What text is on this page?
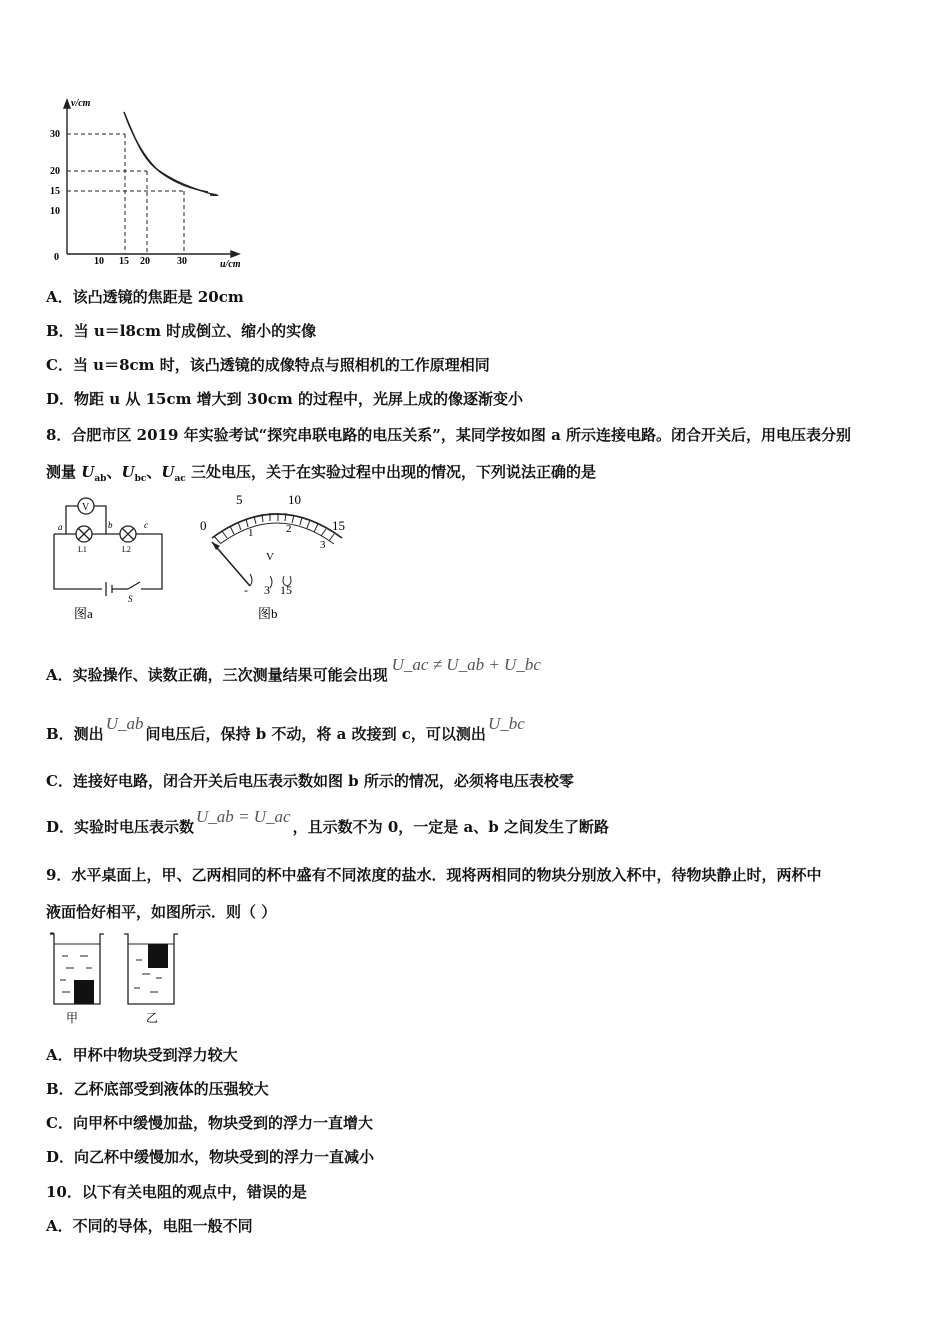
v/cm
u/cm
0
30
20
15
10
10 15 20	30
A．该凸透镜的焦距是 20cm
B．当 u＝l8cm 时成倒立、缩小的实像
C．当 u＝8cm 时，该凸透镜的成像特点与照相机的工作原理相同
D．物距 u 从 15cm 增大到 30cm 的过程中，光屏上成的像逐渐变小
8．合肥市区 2019 年实验考试“探究串联电路的电压关系”，某同学按如图 a 所示连接电路。闭合开关后，用电压表分别
测量 $U_{ab}$、$U_{bc}$、$U_{ac}$ 三处电压，关于在实验过程中出现的情况，下列说法正确的是
V
a	b	c
L1	L2
S
图a
0
5	10
15
1	2
3
V
- 3 15
图b
A．实验操作、读数正确，三次测量结果可能会出现U_ac ≠ U_ab + U_bc
B．测出U_ab间电压后，保持 b 不动，将 a 改接到 c，可以测出U_bc
C．连接好电路，闭合开关后电压表示数如图 b 所示的情况，必须将电压表校零
D．实验时电压表示数U_ab = U_ac，且示数不为 0，一定是 a、b 之间发生了断路
9．水平桌面上，甲、乙两相同的杯中盛有不同浓度的盐水．现将两相同的物块分别放入杯中，待物块静止时，两杯中
液面恰好相平，如图所示．则（ ）
甲	乙
A．甲杯中物块受到浮力较大
B．乙杯底部受到液体的压强较大
C．向甲杯中缓慢加盐，物块受到的浮力一直增大
D．向乙杯中缓慢加水，物块受到的浮力一直减小
10．以下有关电阻的观点中，错误的是
A．不同的导体，电阻一般不同
